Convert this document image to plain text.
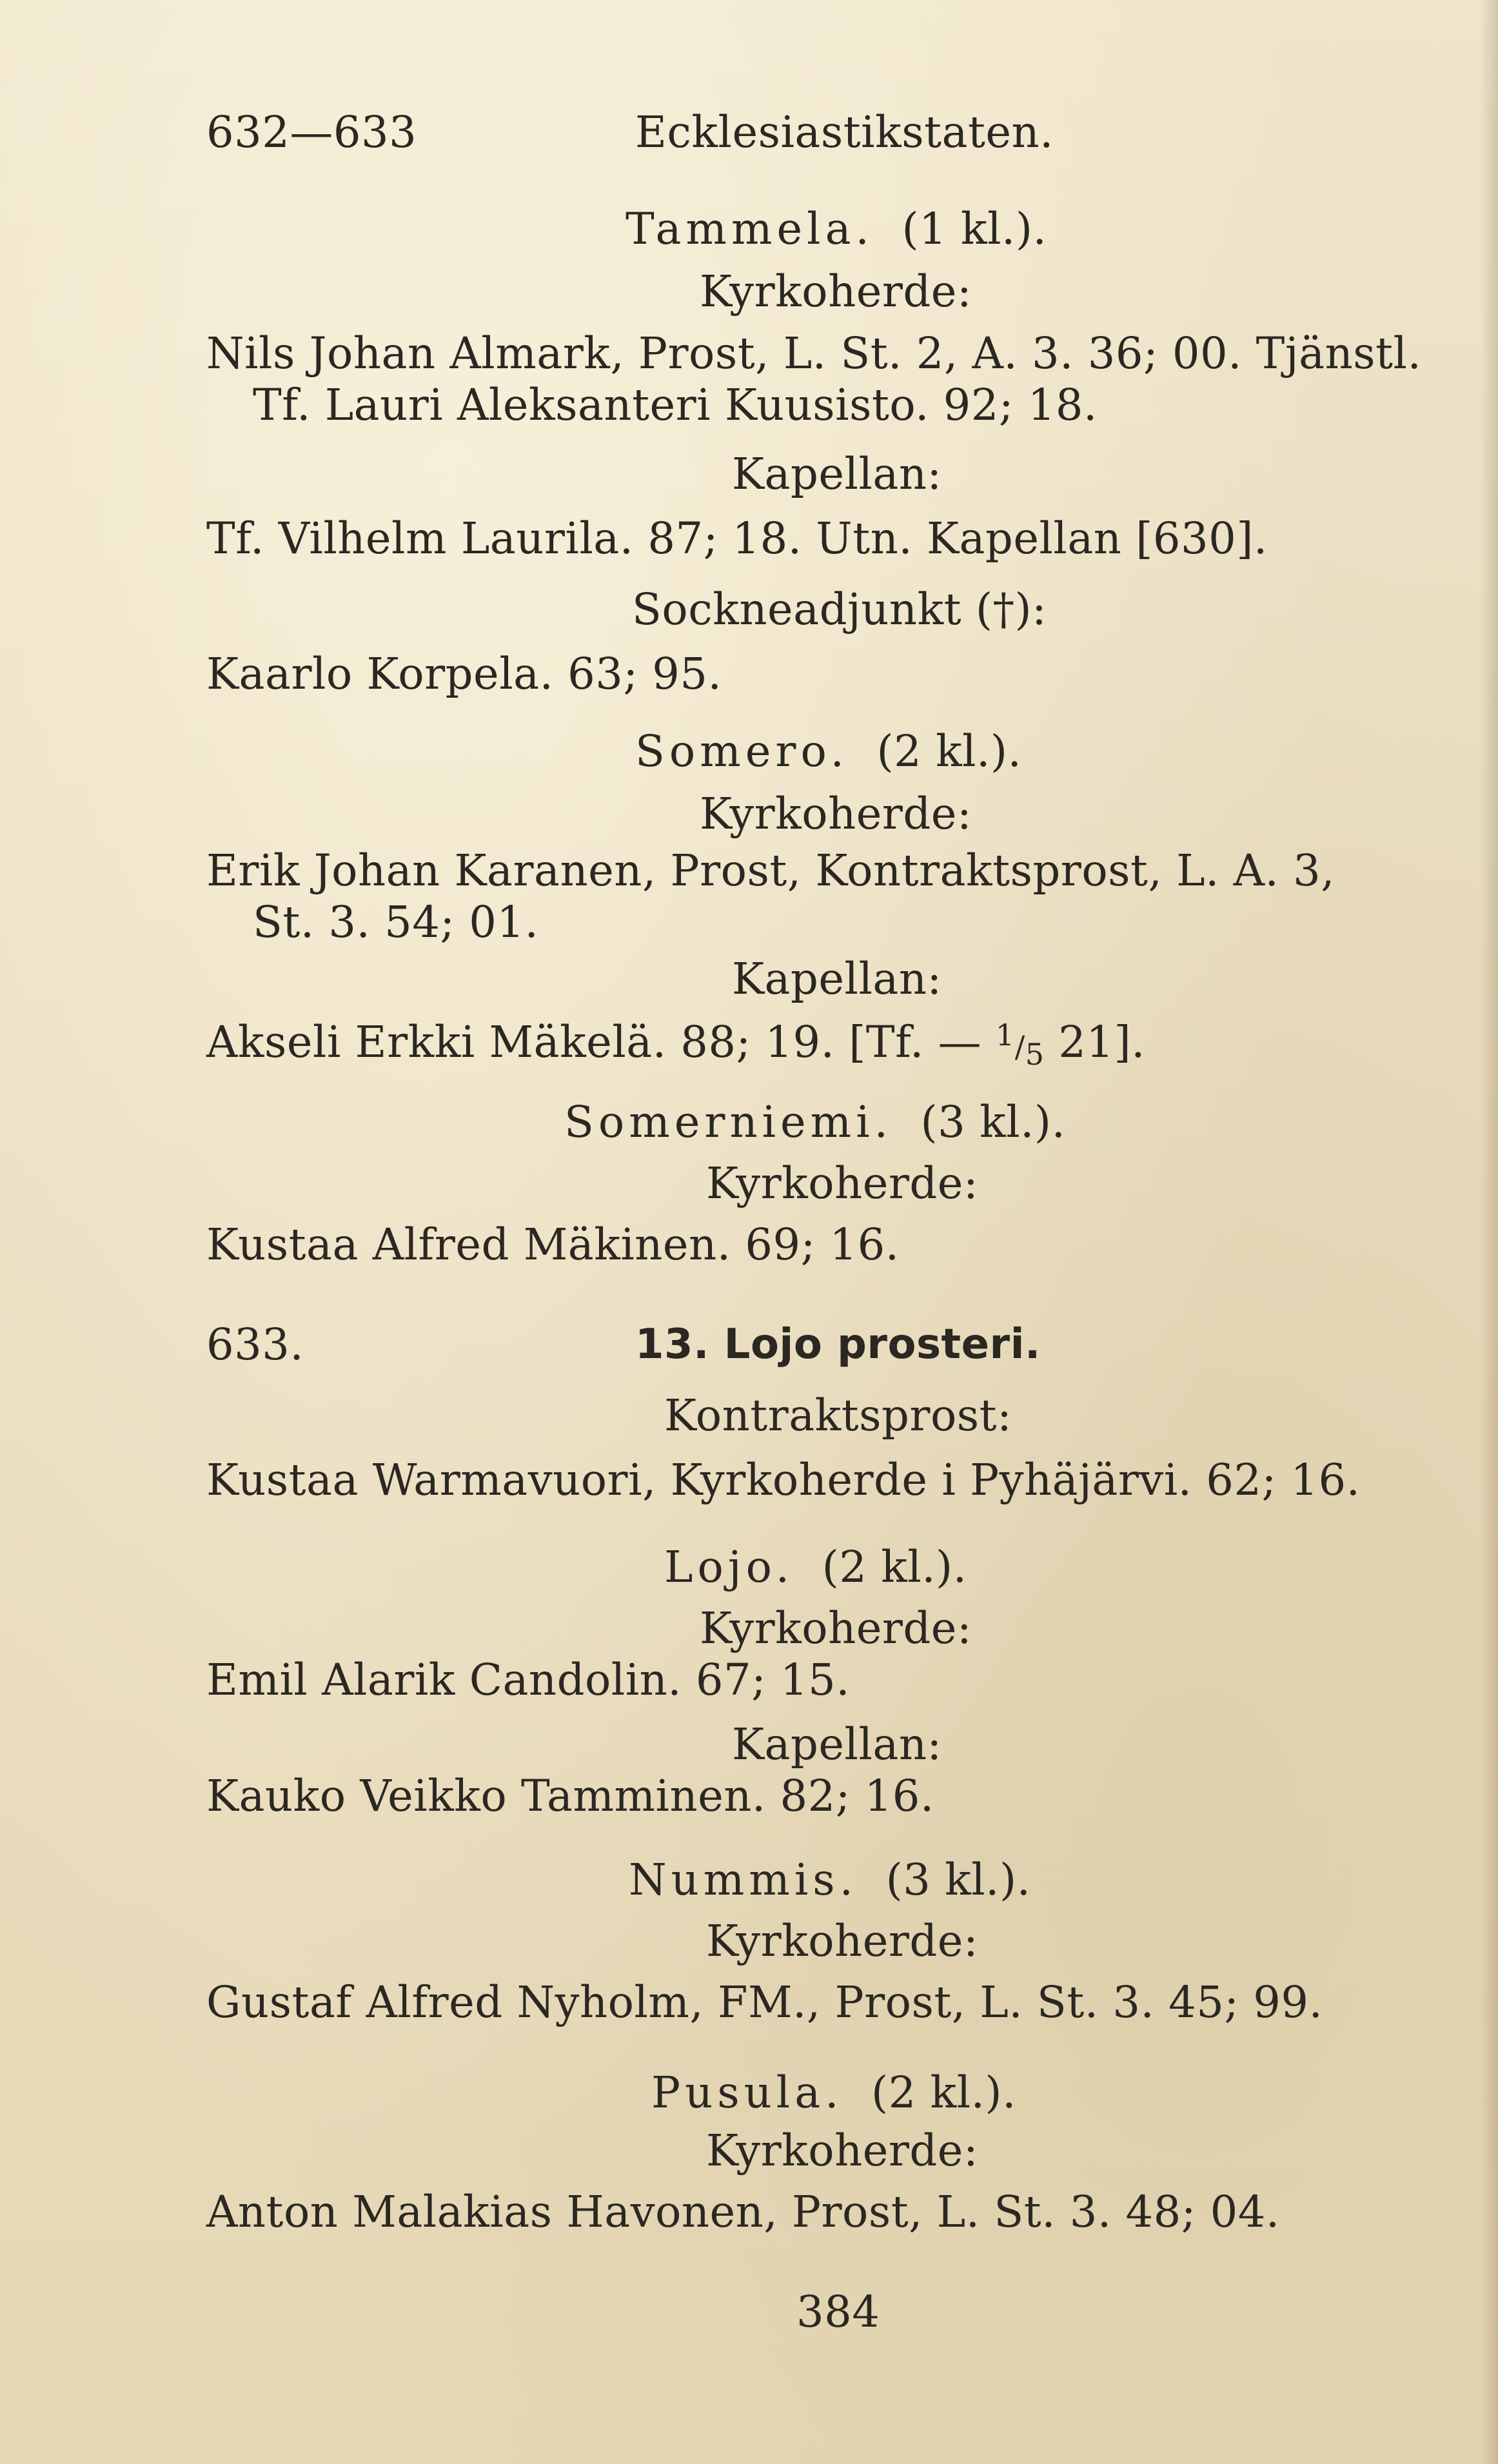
632—633	Ecklesiastikstaten.
Tammela. (1 kl.).
Kyrkoherde:
Nils Johan Almark, Prost, L. St. 2, A. 3. 36; 00. Tjänstl.
Tf. Lauri Aleksanteri Kuusisto. 92; 18.
Kapellan:
Tf. Vilhelm Laurila. 87; 18. Utn. Kapellan [630].
Sockneadjunkt (†):
Kaarlo Korpela. 63; 95.
Somero. (2 kl.).
Kyrkoherde:
Erik Johan Karanen, Prost, Kontraktsprost, L. A. 3,
St. 3. 54; 01.
Kapellan:
Akseli Erkki Mäkelä. 88; 19. [Tf. — 1/5 21].
Somerniemi. (3 kl.).
Kyrkoherde:
Kustaa Alfred Mäkinen. 69; 16.
633.	13. Lojo prosteri.
Kontraktsprost:
Kustaa Warmavuori, Kyrkoherde i Pyhäjärvi. 62; 16.
Lojo. (2 kl.).
Kyrkoherde:
Emil Alarik Candolin. 67; 15.
Kapellan:
Kauko Veikko Tamminen. 82; 16.
Nummis. (3 kl.).
Kyrkoherde:
Gustaf Alfred Nyholm, FM., Prost, L. St. 3. 45; 99.
Pusula. (2 kl.).
Kyrkoherde:
Anton Malakias Havonen, Prost, L. St. 3. 48; 04.
384
